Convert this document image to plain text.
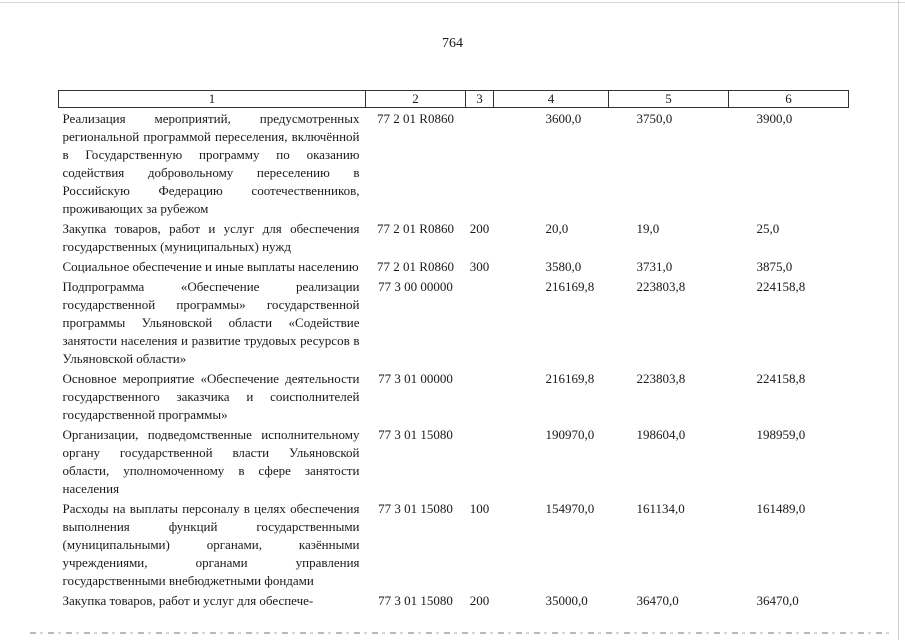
764
1	2	3	4	5	6
Реализация мероприятий, предусмотренных региональной программой переселения, включённой в Государственную программу по оказанию содействия добровольному переселению в Российскую Федерацию соотечественников, проживающих за рубежом	77 2 01 R0860		3600,0	3750,0	3900,0
Закупка товаров, работ и услуг для обеспечения государственных (муниципальных) нужд	77 2 01 R0860	200	20,0	19,0	25,0
Социальное обеспечение и иные выплаты населению	77 2 01 R0860	300	3580,0	3731,0	3875,0
Подпрограмма «Обеспечение реализации государственной программы» государственной программы Ульяновской области «Содействие занятости населения и развитие трудовых ресурсов в Ульяновской области»	77 3 00 00000		216169,8	223803,8	224158,8
Основное мероприятие «Обеспечение деятельности государственного заказчика и соисполнителей государственной программы»	77 3 01 00000		216169,8	223803,8	224158,8
Организации, подведомственные исполнительному органу государственной власти Ульяновской области, уполномоченному в сфере занятости населения	77 3 01 15080		190970,0	198604,0	198959,0
Расходы на выплаты персоналу в целях обеспечения выполнения функций государственными (муниципальными) органами, казёнными учреждениями, органами управления государственными внебюджетными фондами	77 3 01 15080	100	154970,0	161134,0	161489,0
Закупка товаров, работ и услуг для обеспече-	77 3 01 15080	200	35000,0	36470,0	36470,0
